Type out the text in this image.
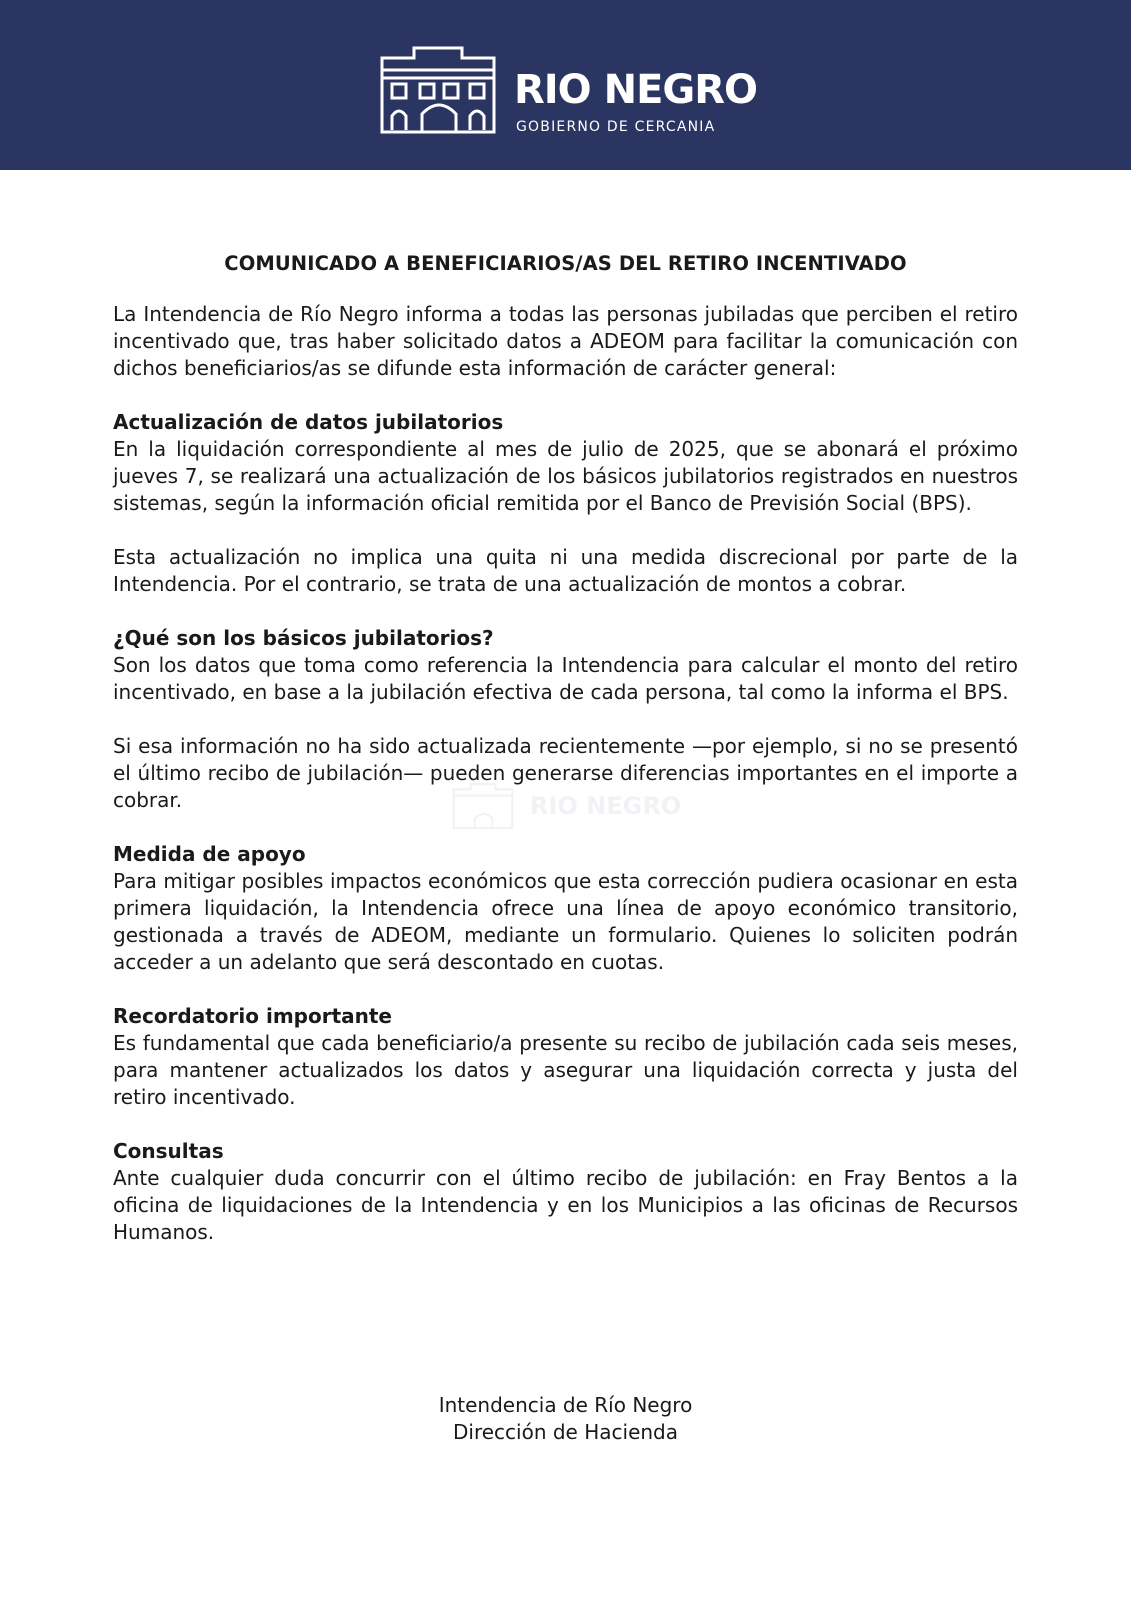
RIO NEGRO
GOBIERNO DE CERCANIA
RIO NEGRO
COMUNICADO A BENEFICIARIOS/AS DEL RETIRO INCENTIVADO

La Intendencia de Río Negro informa a todas las personas jubiladas que perciben el retiro incentivado que, tras haber solicitado datos a ADEOM para facilitar la comunicación con dichos beneficiarios/as se difunde esta información de carácter general:

Actualización de datos jubilatorios

En la liquidación correspondiente al mes de julio de 2025, que se abonará el próximo jueves 7, se realizará una actualización de los básicos jubilatorios registrados en nuestros sistemas, según la información oficial remitida por el Banco de Previsión Social (BPS).

Esta actualización no implica una quita ni una medida discrecional por parte de la Intendencia. Por el contrario, se trata de una actualización de montos a cobrar.

¿Qué son los básicos jubilatorios?

Son los datos que toma como referencia la Intendencia para calcular el monto del retiro incentivado, en base a la jubilación efectiva de cada persona, tal como la informa el BPS.

Si esa información no ha sido actualizada recientemente —por ejemplo, si no se presentó el último recibo de jubilación— pueden generarse diferencias importantes en el importe a cobrar.

Medida de apoyo

Para mitigar posibles impactos económicos que esta corrección pudiera ocasionar en esta primera liquidación, la Intendencia ofrece una línea de apoyo económico transitorio, gestionada a través de ADEOM, mediante un formulario. Quienes lo soliciten podrán acceder a un adelanto que será descontado en cuotas.

Recordatorio importante

Es fundamental que cada beneficiario/a presente su recibo de jubilación cada seis meses, para mantener actualizados los datos y asegurar una liquidación correcta y justa del retiro incentivado.

Consultas

Ante cualquier duda concurrir con el último recibo de jubilación: en Fray Bentos a la oficina de liquidaciones de la Intendencia y en los Municipios a las oficinas de Recursos Humanos.

Intendencia de Río Negro
Dirección de Hacienda
